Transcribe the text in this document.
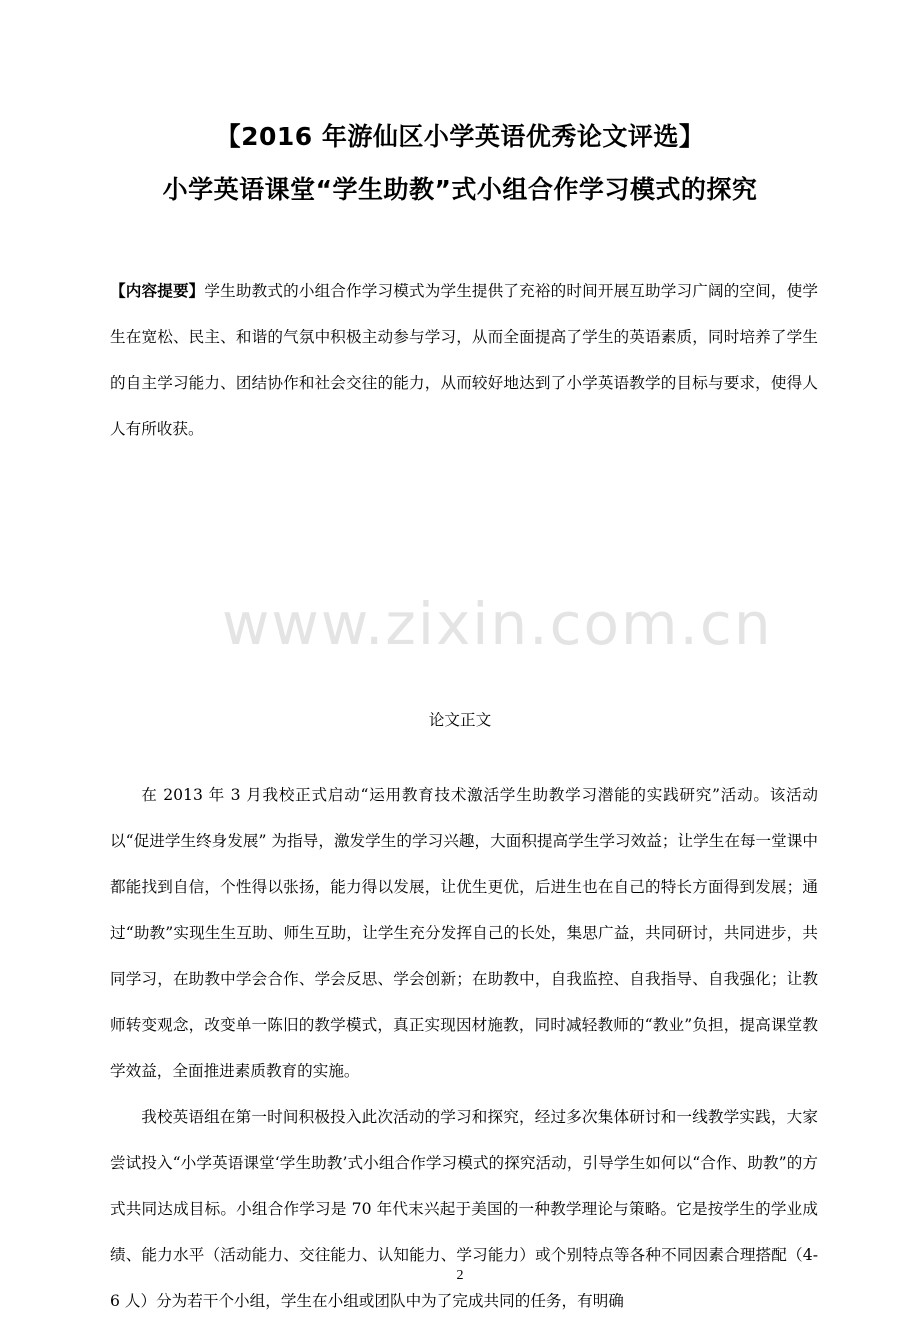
www.zixin.com.cn
【2016 年游仙区小学英语优秀论文评选】
小学英语课堂“学生助教”式小组合作学习模式的探究
【内容提要】学生助教式的小组合作学习模式为学生提供了充裕的时间开展互助学习广阔的空间，使学生在宽松、民主、和谐的气氛中积极主动参与学习，从而全面提高了学生的英语素质，同时培养了学生的自主学习能力、团结协作和社会交往的能力，从而较好地达到了小学英语教学的目标与要求，使得人人有所收获。
论文正文

在 2013 年 3 月我校正式启动“运用教育技术激活学生助教学习潜能的实践研究”活动。该活动以“促进学生终身发展” 为指导，激发学生的学习兴趣，大面积提高学生学习效益；让学生在每一堂课中都能找到自信，个性得以张扬，能力得以发展，让优生更优，后进生也在自己的特长方面得到发展；通过“助教”实现生生互助、师生互助，让学生充分发挥自己的长处，集思广益，共同研讨，共同进步，共同学习，在助教中学会合作、学会反思、学会创新；在助教中，自我监控、自我指导、自我强化；让教师转变观念，改变单一陈旧的教学模式，真正实现因材施教，同时减轻教师的“教业”负担，提高课堂教学效益，全面推进素质教育的实施。

我校英语组在第一时间积极投入此次活动的学习和探究，经过多次集体研讨和一线教学实践，大家尝试投入“小学英语课堂‘学生助教’式小组合作学习模式的探究活动，引导学生如何以“合作、助教”的方式共同达成目标。小组合作学习是 70 年代末兴起于美国的一种教学理论与策略。它是按学生的学业成绩、能力水平（活动能力、交往能力、认知能力、学习能力）或个别特点等各种不同因素合理搭配（4-6 人）分为若干个小组，学生在小组或团队中为了完成共同的任务，有明确

2
